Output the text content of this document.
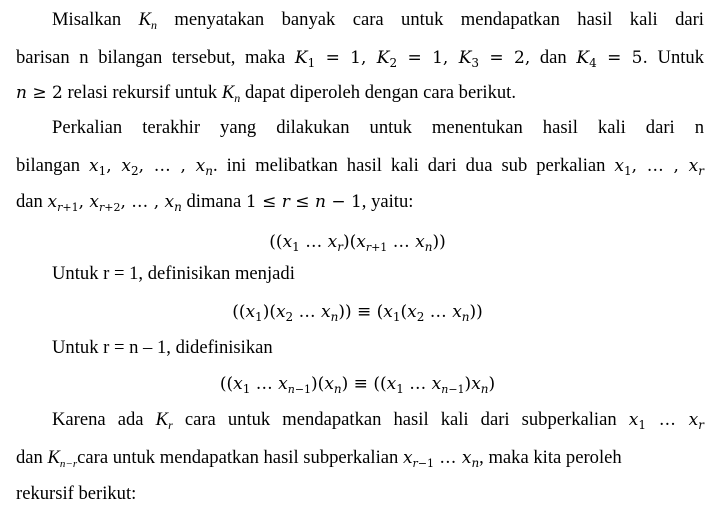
Misalkan $K_n$ menyatakan banyak cara untuk mendapatkan hasil kali dari
barisan n bilangan tersebut, maka $K_1 = 1$, $K_2 = 1$, $K_3 = 2$, dan $K_4 = 5$. Untuk
n ≥ 2 relasi rekursif untuk $K_n$ dapat diperoleh dengan cara berikut.
Perkalian terakhir yang dilakukan untuk menentukan hasil kali dari n
bilangan $x_1$, $x_2$, … , $x_n$. ini melibatkan hasil kali dari dua sub perkalian $x_1$, … , $x_r$
dan $x_{r+1}$, $x_{r+2}$, … , $x_n$ dimana 1 ≤ r ≤ n − 1, yaitu:
(($x_1$ … $x_r)(x_{r+1}$ … $x_n$))
Untuk r = 1, definisikan menjadi
($(x_1)(x_2$ … $x_n)) \equiv (x_1(x_2$ … $x_n$))
Untuk r = n – 1, didefinisikan
(($x_1$ … $x_{n-1})(x_n) \equiv ((x_1$ … $x_{n-1})x_n$)
Karena ada $K_r$ cara untuk mendapatkan hasil kali dari subperkalian $x_1$ … $x_r$
dan $K_{n-r}cara$ untuk mendapatkan hasil subperkalian $x_{r-1}$ … $x_n$, maka kita peroleh
rekursif berikut:
